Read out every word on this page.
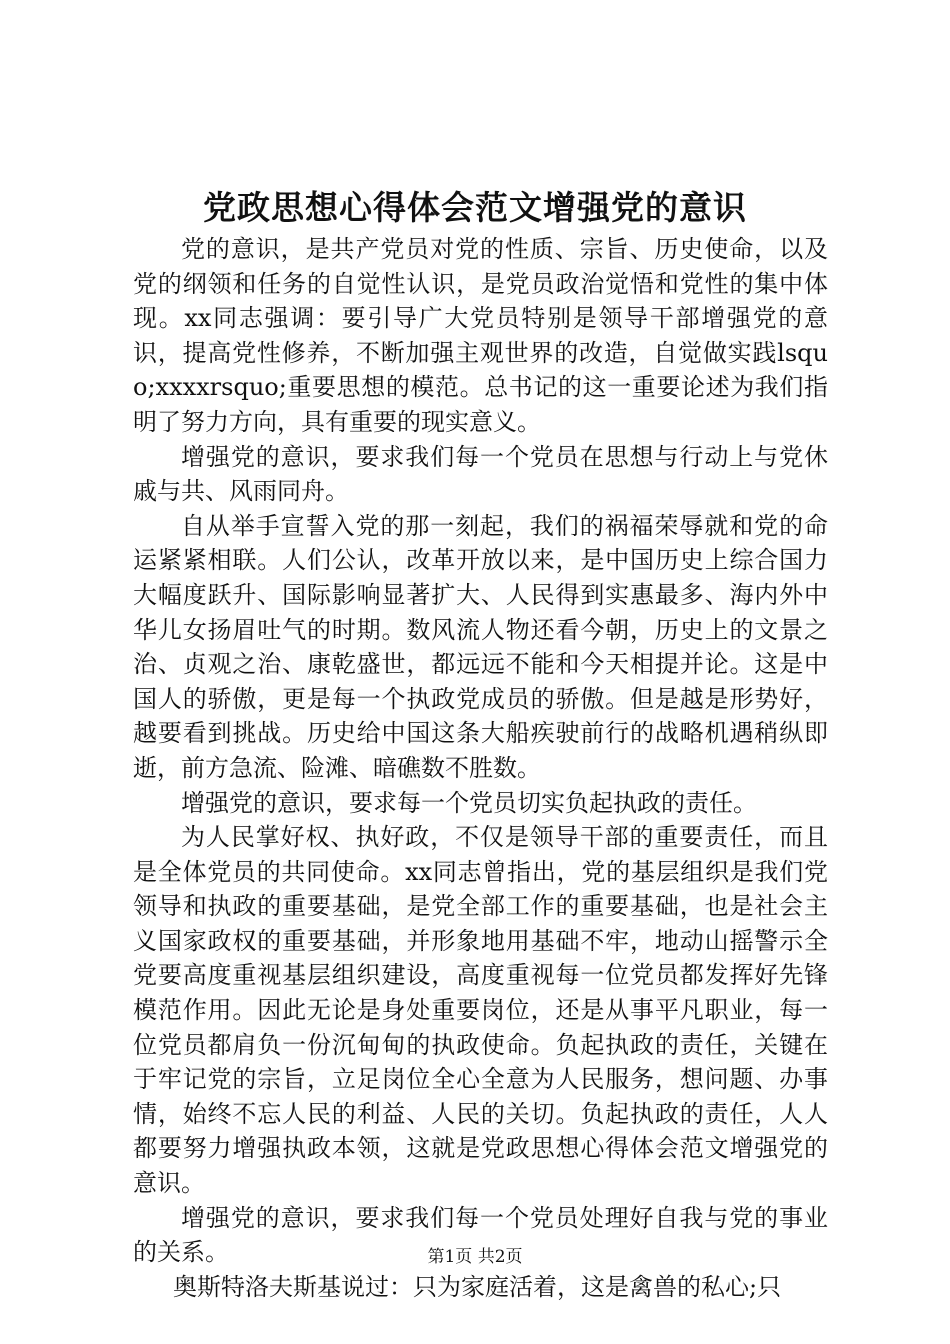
党政思想心得体会范文增强党的意识

党的意识，是共产党员对党的性质、宗旨、历史使命，以及党的纲领和任务的自觉性认识，是党员政治觉悟和党性的集中体现。xx同志强调：要引导广大党员特别是领导干部增强党的意识，提高党性修养，不断加强主观世界的改造，自觉做实践lsquo;xxxxrsquo;重要思想的模范。总书记的这一重要论述为我们指明了努力方向，具有重要的现实意义。

增强党的意识，要求我们每一个党员在思想与行动上与党休戚与共、风雨同舟。

自从举手宣誓入党的那一刻起，我们的祸福荣辱就和党的命运紧紧相联。人们公认，改革开放以来，是中国历史上综合国力大幅度跃升、国际影响显著扩大、人民得到实惠最多、海内外中华儿女扬眉吐气的时期。数风流人物还看今朝，历史上的文景之治、贞观之治、康乾盛世，都远远不能和今天相提并论。这是中国人的骄傲，更是每一个执政党成员的骄傲。但是越是形势好，越要看到挑战。历史给中国这条大船疾驶前行的战略机遇稍纵即逝，前方急流、险滩、暗礁数不胜数。

增强党的意识，要求每一个党员切实负起执政的责任。

为人民掌好权、执好政，不仅是领导干部的重要责任，而且是全体党员的共同使命。xx同志曾指出，党的基层组织是我们党领导和执政的重要基础，是党全部工作的重要基础，也是社会主义国家政权的重要基础，并形象地用基础不牢，地动山摇警示全党要高度重视基层组织建设，高度重视每一位党员都发挥好先锋模范作用。因此无论是身处重要岗位，还是从事平凡职业，每一位党员都肩负一份沉甸甸的执政使命。负起执政的责任，关键在于牢记党的宗旨，立足岗位全心全意为人民服务，想问题、办事情，始终不忘人民的利益、人民的关切。负起执政的责任，人人都要努力增强执政本领，这就是党政思想心得体会范文增强党的意识。

增强党的意识，要求我们每一个党员处理好自我与党的事业的关系。

奥斯特洛夫斯基说过：只为家庭活着，这是禽兽的私心;只

第1页 共2页
